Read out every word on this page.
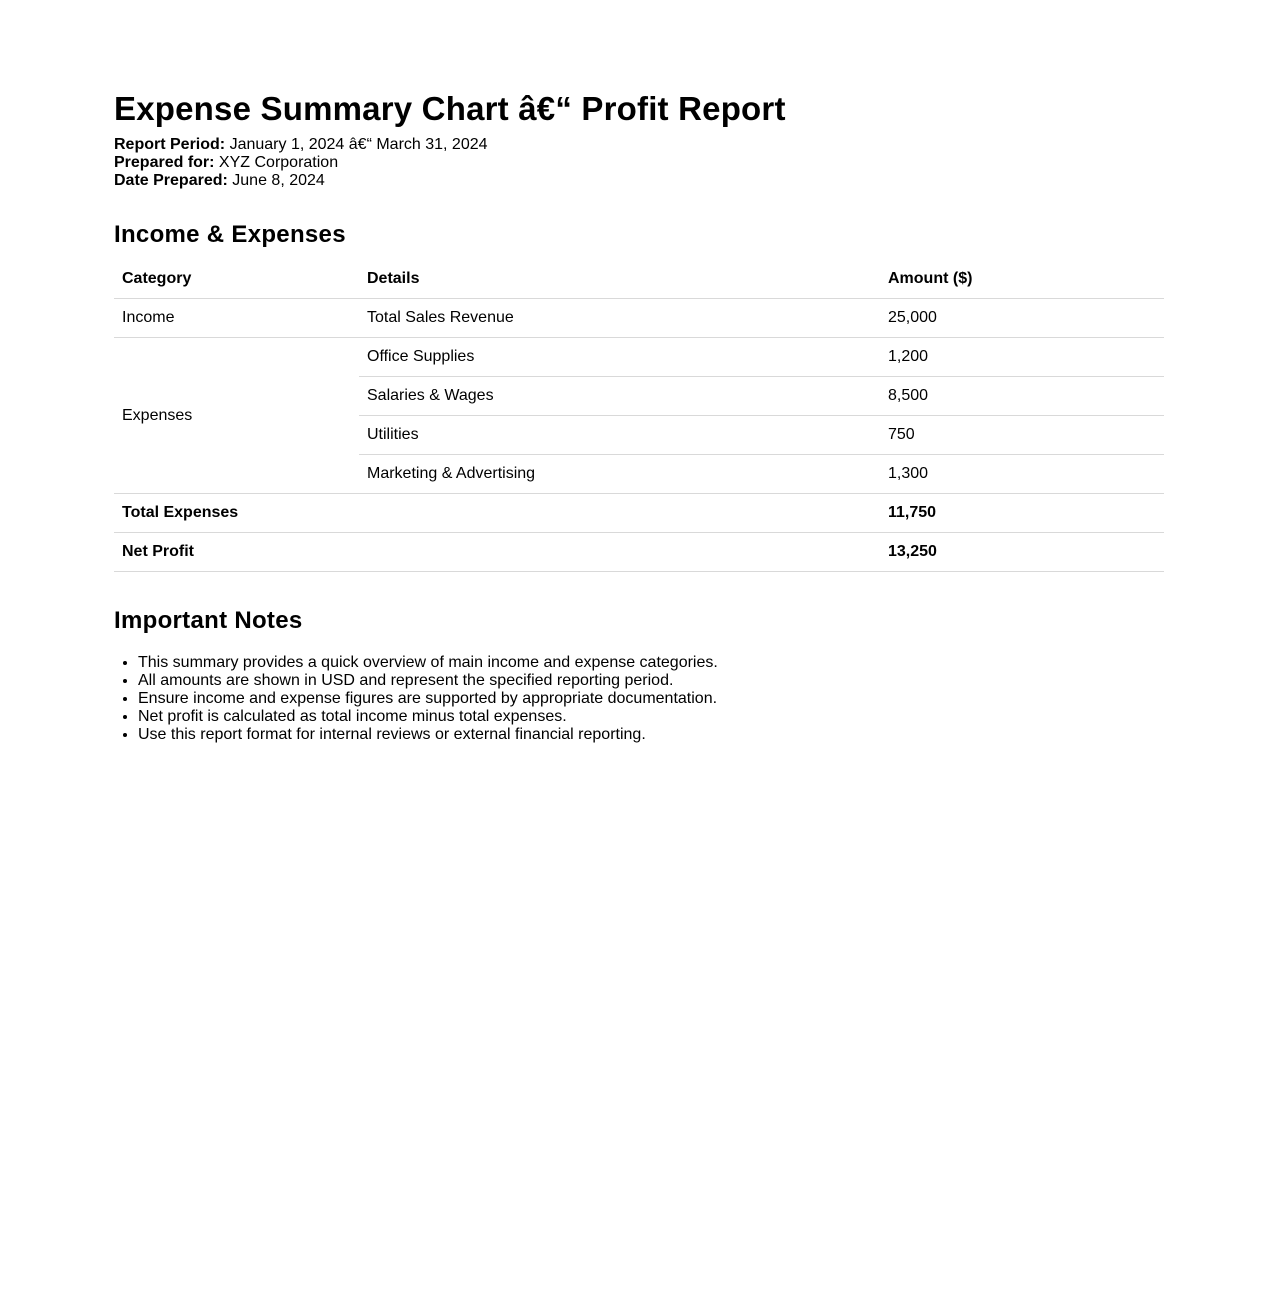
Expense Summary Chart â€“ Profit Report
Report Period: January 1, 2024 â€“ March 31, 2024
Prepared for: XYZ Corporation
Date Prepared: June 8, 2024
Income & Expenses
Category	Details	Amount ($)
Income	Total Sales Revenue	25,000
Expenses	Office Supplies	1,200
	Salaries & Wages	8,500
	Utilities	750
	Marketing & Advertising	1,300
Total Expenses		11,750
Net Profit		13,250
Important Notes
• This summary provides a quick overview of main income and expense categories.
• All amounts are shown in USD and represent the specified reporting period.
• Ensure income and expense figures are supported by appropriate documentation.
• Net profit is calculated as total income minus total expenses.
• Use this report format for internal reviews or external financial reporting.
